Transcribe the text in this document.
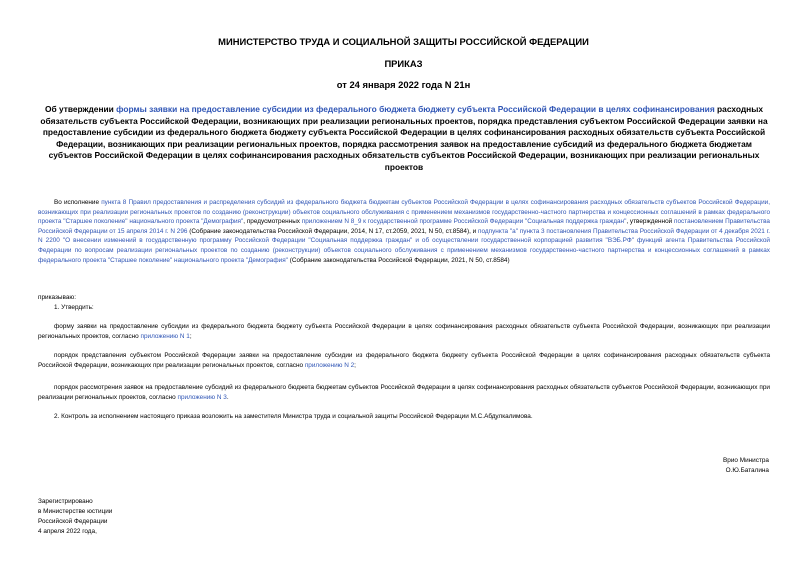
МИНИСТЕРСТВО ТРУДА И СОЦИАЛЬНОЙ ЗАЩИТЫ РОССИЙСКОЙ ФЕДЕРАЦИИ
ПРИКАЗ
от 24 января 2022 года N 21н
Об утверждении формы заявки на предоставление субсидии из федерального бюджета бюджету субъекта Российской Федерации в целях софинансирования расходных обязательств субъекта Российской Федерации, возникающих при реализации региональных проектов, порядка представления субъектом Российской Федерации заявки на предоставление субсидии из федерального бюджета бюджету субъекта Российской Федерации в целях софинансирования расходных обязательств субъекта Российской Федерации, возникающих при реализации региональных проектов, порядка рассмотрения заявок на предоставление субсидий из федерального бюджета бюджетам субъектов Российской Федерации в целях софинансирования расходных обязательств субъектов Российской Федерации, возникающих при реализации региональных проектов
Во исполнение пункта 8 Правил предоставления и распределения субсидий из федерального бюджета бюджетам субъектов Российской Федерации в целях софинансирования расходных обязательств субъектов Российской Федерации, возникающих при реализации региональных проектов по созданию (реконструкции) объектов социального обслуживания с применением механизмов государственно-частного партнерства и концессионных соглашений в рамках федерального проекта "Старшее поколение" национального проекта "Демография", предусмотренных приложением N 8_9 к государственной программе Российской Федерации "Социальная поддержка граждан", утвержденной постановлением Правительства Российской Федерации от 15 апреля 2014 г. N 296 (Собрание законодательства Российской Федерации, 2014, N 17, ст.2059, 2021, N 50, ст.8584), и подпункта "а" пункта 3 постановления Правительства Российской Федерации от 4 декабря 2021 г. N 2200 "О внесении изменений в государственную программу Российской Федерации "Социальная поддержка граждан" и об осуществлении государственной корпорацией развития "ВЭБ.РФ" функций агента Правительства Российской Федерации по вопросам реализации региональных проектов по созданию (реконструкции) объектов социального обслуживания с применением механизмов государственно-частного партнерства и концессионных соглашений в рамках федерального проекта "Старшее поколение" национального проекта "Демография" (Собрание законодательства Российской Федерации, 2021, N 50, ст.8584)
приказываю:
1. Утвердить:
форму заявки на предоставление субсидии из федерального бюджета бюджету субъекта Российской Федерации в целях софинансирования расходных обязательств субъекта Российской Федерации, возникающих при реализации региональных проектов, согласно приложению N 1;
порядок представления субъектом Российской Федерации заявки на предоставление субсидии из федерального бюджета бюджету субъекта Российской Федерации в целях софинансирования расходных обязательств субъекта Российской Федерации, возникающих при реализации региональных проектов, согласно приложению N 2;
порядок рассмотрения заявок на предоставление субсидий из федерального бюджета бюджетам субъектов Российской Федерации в целях софинансирования расходных обязательств субъектов Российской Федерации, возникающих при реализации региональных проектов, согласно приложению N 3.
2. Контроль за исполнением настоящего приказа возложить на заместителя Министра труда и социальной защиты Российской Федерации М.С.Абдулкалимова.
Врио Министра
О.Ю.Баталина
Зарегистрировано
в Министерстве юстиции
Российской Федерации
4 апреля 2022 года,
